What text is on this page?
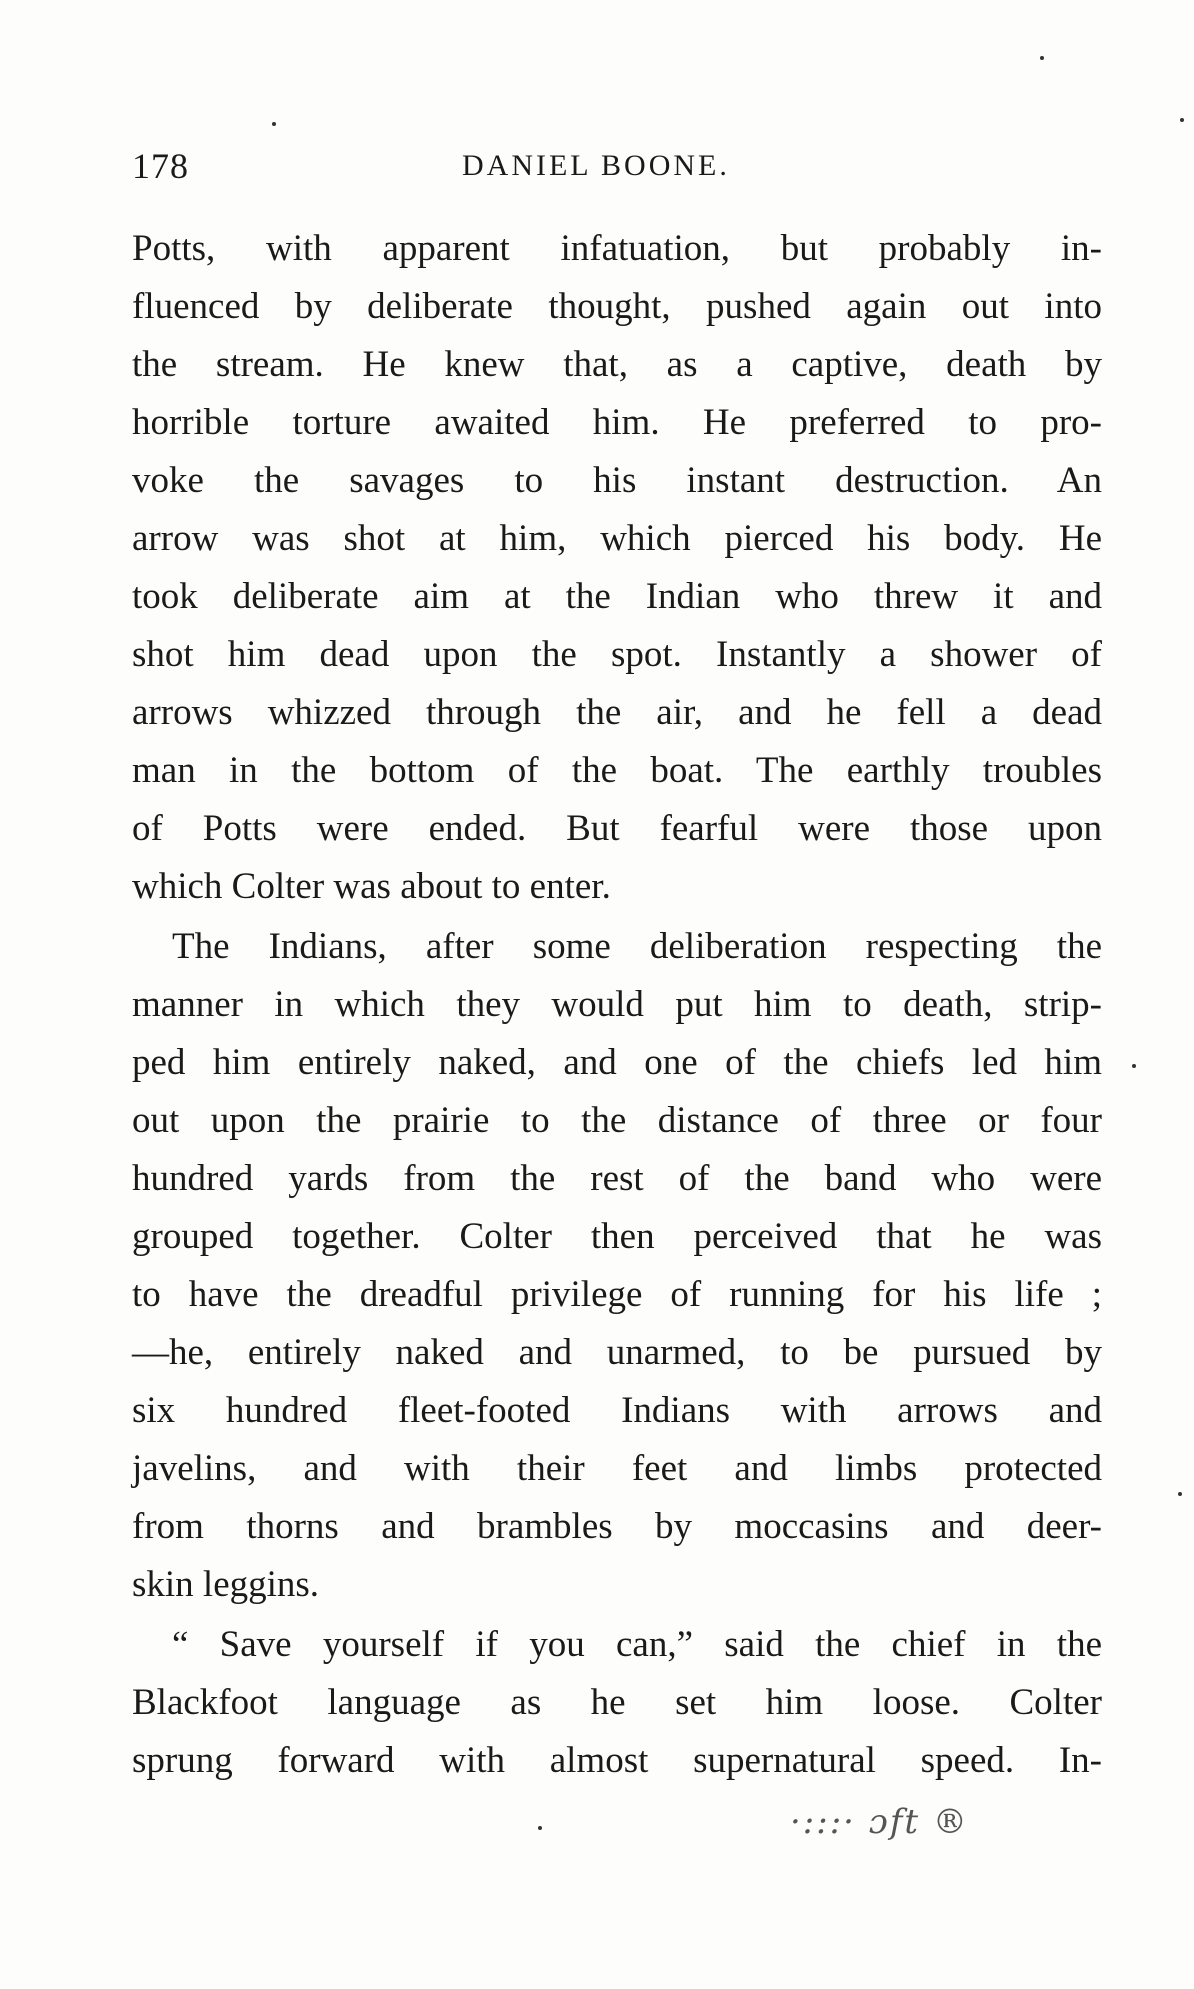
178	DANIEL BOONE.
Potts, with apparent infatuation, but probably in-
fluenced by deliberate thought, pushed again out into
the stream. He knew that, as a captive, death by
horrible torture awaited him. He preferred to pro-
voke the savages to his instant destruction. An
arrow was shot at him, which pierced his body. He
took deliberate aim at the Indian who threw it and
shot him dead upon the spot. Instantly a shower of
arrows whizzed through the air, and he fell a dead
man in the bottom of the boat. The earthly troubles
of Potts were ended. But fearful were those upon
which Colter was about to enter.
The Indians, after some deliberation respecting the
manner in which they would put him to death, strip-
ped him entirely naked, and one of the chiefs led him
out upon the prairie to the distance of three or four
hundred yards from the rest of the band who were
grouped together. Colter then perceived that he was
to have the dreadful privilege of running for his life ;
—he, entirely naked and unarmed, to be pursued by
six hundred fleet-footed Indians with arrows and
javelins, and with their feet and limbs protected
from thorns and brambles by moccasins and deer-
skin leggins.
“ Save yourself if you can,” said the chief in the
Blackfoot language as he set him loose. Colter
sprung forward with almost supernatural speed. In-
·:::· ɔft ®
